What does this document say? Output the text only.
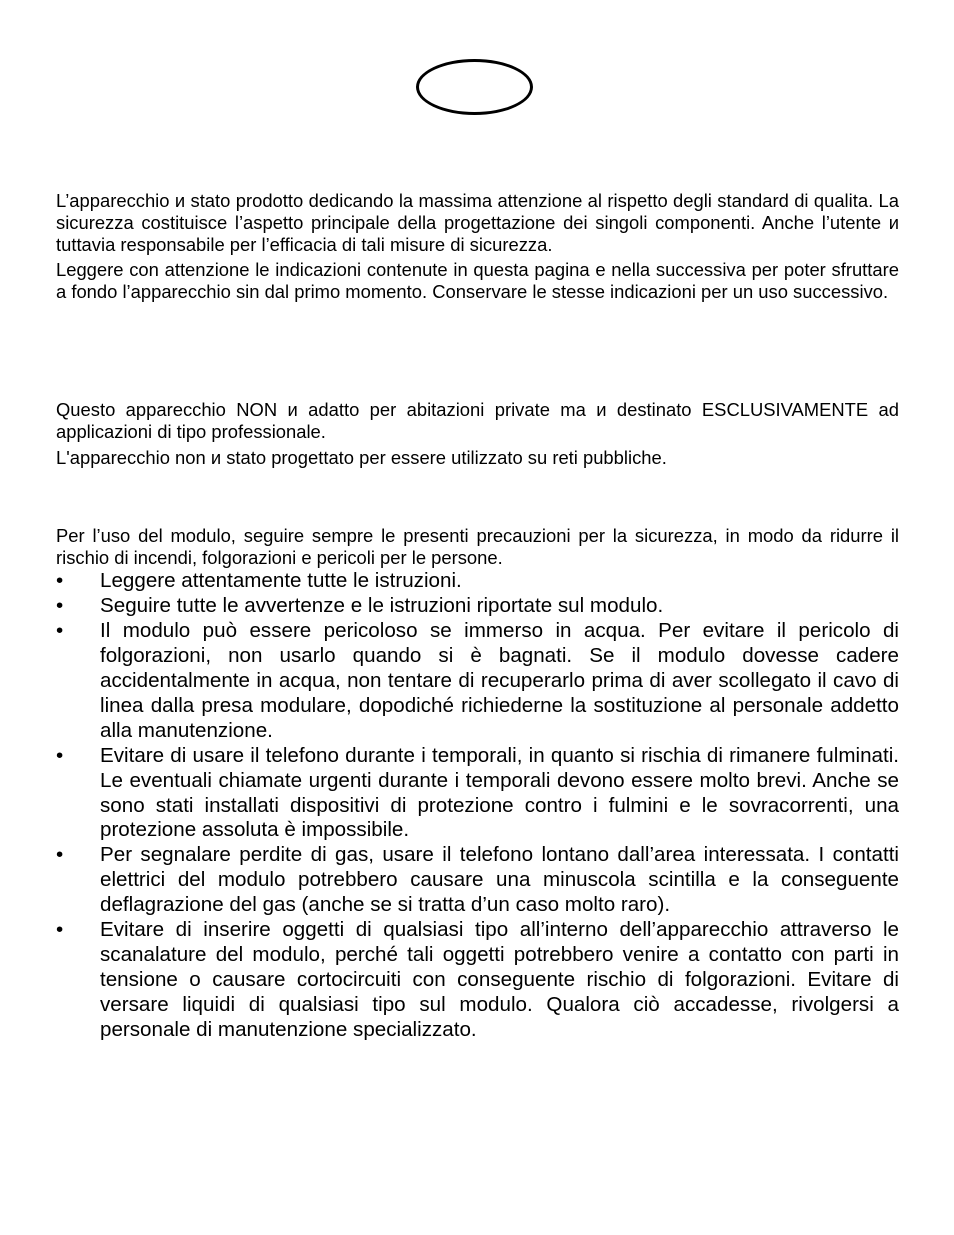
L’apparecchio и stato prodotto dedicando la massima attenzione al rispetto degli standard di qualita. La sicurezza costituisce l’aspetto principale della progettazione dei singoli componenti. Anche l’utente и tuttavia responsabile per l’efficacia di tali misure di sicurezza.

Leggere con attenzione le indicazioni contenute in questa pagina e nella successiva per poter sfruttare a fondo l’apparecchio sin dal primo momento. Conservare le stesse indicazioni per un uso successivo.

Questo apparecchio NON и adatto per abitazioni private ma и destinato ESCLUSIVAMENTE ad applicazioni di tipo professionale.

L'apparecchio non и stato progettato per essere utilizzato su reti pubbliche.

Per l’uso del modulo, seguire sempre le presenti precauzioni per la sicurezza, in modo da ridurre il rischio di incendi, folgorazioni e pericoli per le persone.

•	Leggere attentamente tutte le istruzioni.
•	Seguire tutte le avvertenze e le istruzioni riportate sul modulo.
•	Il modulo può essere pericoloso se immerso in acqua. Per evitare il pericolo di folgorazioni, non usarlo quando si è bagnati. Se il modulo dovesse cadere accidentalmente in acqua, non tentare di recuperarlo prima di aver scollegato il cavo di linea dalla presa modulare, dopodiché richiederne la sostituzione al personale addetto alla manutenzione.
•	Evitare di usare il telefono durante i temporali, in quanto si rischia di rimanere fulminati. Le eventuali chiamate urgenti durante i temporali devono essere molto brevi. Anche se sono stati installati dispositivi di protezione contro i fulmini e le sovracorrenti, una protezione assoluta è impossibile.
•	Per segnalare perdite di gas, usare il telefono lontano dall’area interessata. I contatti elettrici del modulo potrebbero causare una minuscola scintilla e la conseguente deflagrazione del gas (anche se si tratta d’un caso molto raro).
•	Evitare di inserire oggetti di qualsiasi tipo all’interno dell’apparecchio attraverso le scanalature del modulo, perché tali oggetti potrebbero venire a contatto con parti in tensione o causare cortocircuiti con conseguente rischio di folgorazioni. Evitare di versare liquidi di qualsiasi tipo sul modulo. Qualora ciò accadesse, rivolgersi a personale di manutenzione specializzato.
